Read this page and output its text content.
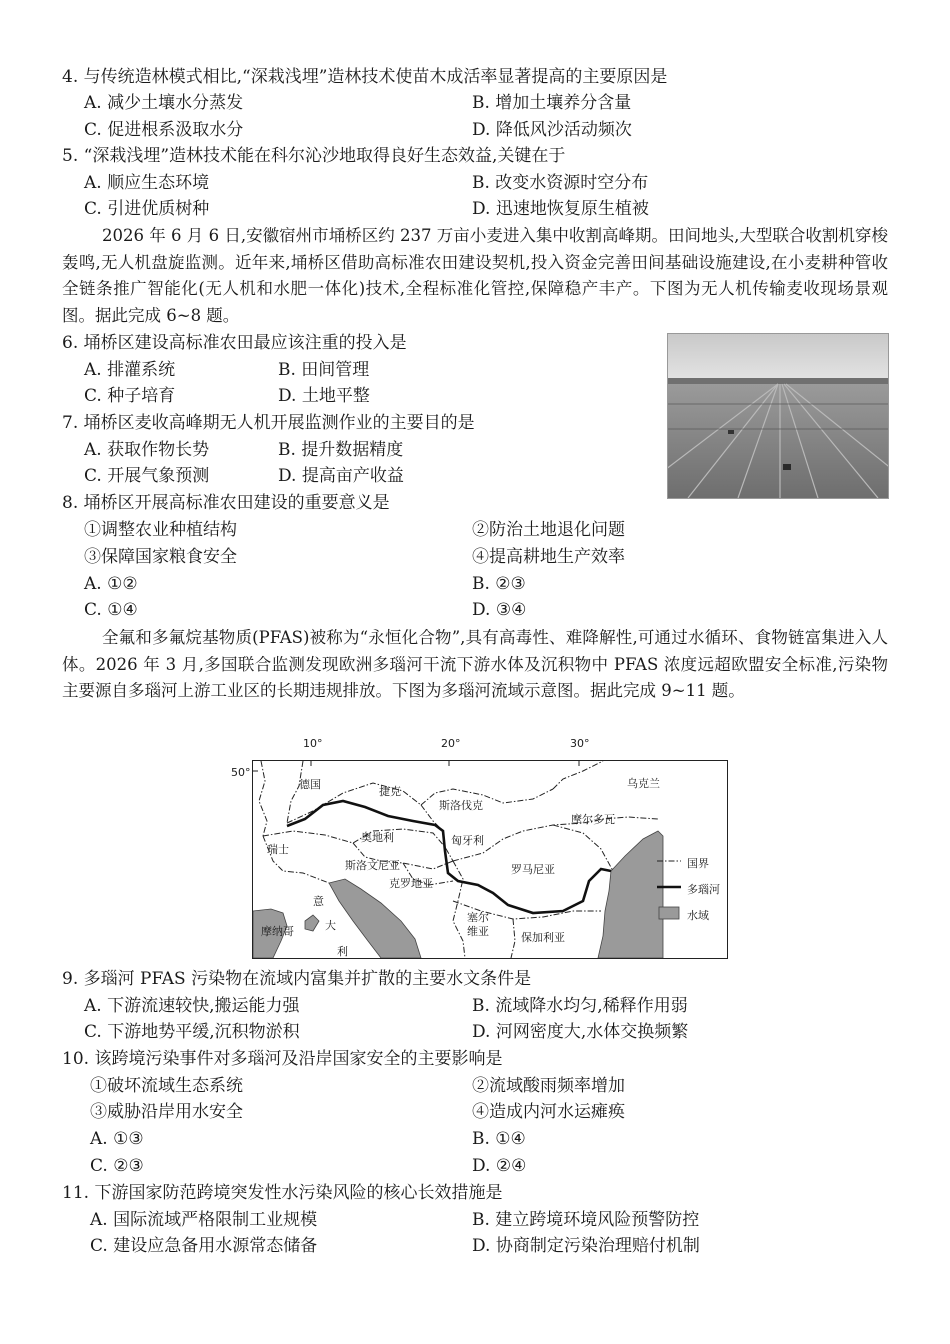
4. 与传统造林模式相比,“深栽浅埋”造林技术使苗木成活率显著提高的主要原因是
A. 减少土壤水分蒸发	B. 增加土壤养分含量
C. 促进根系汲取水分	D. 降低风沙活动频次
5. “深栽浅埋”造林技术能在科尔沁沙地取得良好生态效益,关键在于
A. 顺应生态环境	B. 改变水资源时空分布
C. 引进优质树种	D. 迅速地恢复原生植被
2026 年 6 月 6 日,安徽宿州市埇桥区约 237 万亩小麦进入集中收割高峰期。田间地头,大型联合收割机穿梭轰鸣,无人机盘旋监测。近年来,埇桥区借助高标准农田建设契机,投入资金完善田间基础设施建设,在小麦耕种管收全链条推广智能化(无人机和水肥一体化)技术,全程标准化管控,保障稳产丰产。下图为无人机传输麦收现场景观图。据此完成 6~8 题。
6. 埇桥区建设高标准农田最应该注重的投入是
A. 排灌系统	B. 田间管理
C. 种子培育	D. 土地平整
7. 埇桥区麦收高峰期无人机开展监测作业的主要目的是
A. 获取作物长势	B. 提升数据精度
C. 开展气象预测	D. 提高亩产收益
8. 埇桥区开展高标准农田建设的重要意义是
①调整农业种植结构	②防治土地退化问题
③保障国家粮食安全	④提高耕地生产效率
A. ①②	B. ②③
C. ①④	D. ③④
全氟和多氟烷基物质(PFAS)被称为“永恒化合物”,具有高毒性、难降解性,可通过水循环、食物链富集进入人体。2026 年 3 月,多国联合监测发现欧洲多瑙河干流下游水体及沉积物中 PFAS 浓度远超欧盟安全标准,污染物主要源自多瑙河上游工业区的长期违规排放。下图为多瑙河流域示意图。据此完成 9~11 题。
10°	20°	30°
50°
德国
捷克
斯洛伐克
乌克兰
奥地利	匈牙利
摩尔多瓦
瑞士
斯洛文尼亚
克罗地亚
罗马尼亚
意
大
利
摩纳哥
塞尔
维亚	保加利亚
国界
多瑙河
水域
9. 多瑙河 PFAS 污染物在流域内富集并扩散的主要水文条件是
A. 下游流速较快,搬运能力强	B. 流域降水均匀,稀释作用弱
C. 下游地势平缓,沉积物淤积	D. 河网密度大,水体交换频繁
10. 该跨境污染事件对多瑙河及沿岸国家安全的主要影响是
①破坏流域生态系统	②流域酸雨频率增加
③威胁沿岸用水安全	④造成内河水运瘫痪
A. ①③	B. ①④
C. ②③	D. ②④
11. 下游国家防范跨境突发性水污染风险的核心长效措施是
A. 国际流域严格限制工业规模	B. 建立跨境环境风险预警防控
C. 建设应急备用水源常态储备	D. 协商制定污染治理赔付机制
